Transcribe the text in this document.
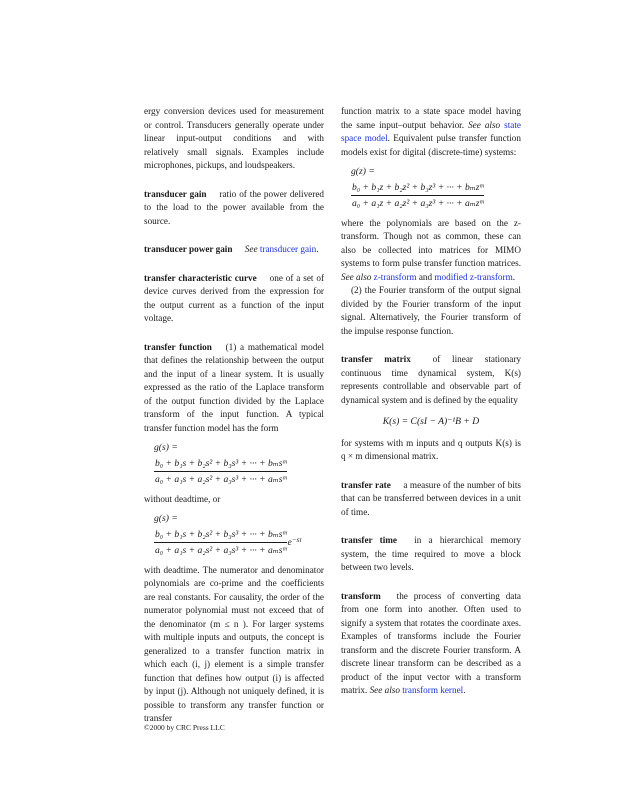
ergy conversion devices used for measurement or control. Transducers generally operate under linear input-output conditions and with relatively small signals. Examples include microphones, pickups, and loudspeakers.

transducer gain ratio of the power delivered to the load to the power available from the source.

transducer power gain See transducer gain.

transfer characteristic curve one of a set of device curves derived from the expression for the output current as a function of the input voltage.

transfer function (1) a mathematical model that defines the relationship between the output and the input of a linear system. It is usually expressed as the ratio of the Laplace transform of the output function divided by the Laplace transform of the input function. A typical transfer function model has the form

g(s) =
$\frac{\text{b₀ + b₁s + b₂s² + b₃s³ + ··· + bₘsᵐ}}{\text{a₀ + a₁s + a₂s² + a₃s³ + ··· + aₘsᵐ}}$

without deadtime, or

g(s) =
$\frac{\text{b₀ + b₁s + b₂s² + b₃s³ + ··· + bₘsᵐ}}{\text{a₀ + a₁s + a₂s² + a₃s³ + ··· + aₘsᵐ}} e^{-s\tau}$

with deadtime. The numerator and denominator polynomials are co-prime and the coefficients are real constants. For causality, the order of the numerator polynomial must not exceed that of the denominator (m ≤ n ). For larger systems with multiple inputs and outputs, the concept is generalized to a transfer function matrix in which each (i, j) element is a simple transfer function that defines how output (i) is affected by input (j). Although not uniquely defined, it is possible to transform any transfer function or transfer

function matrix to a state space model having the same input–output behavior. See also state space model. Equivalent pulse transfer function models exist for digital (discrete-time) systems:

g(z) =
$\frac{\text{b₀ + b₁z + b₂z² + b₃z³ + ··· + bₘzᵐ}}{\text{a₀ + a₁z + a₂z² + a₃z³ + ··· + aₘzᵐ}}$

where the polynomials are based on the z-transform. Though not as common, these can also be collected into matrices for MIMO systems to form pulse transfer function matrices. See also z-transform and modified z-transform.

(2) the Fourier transform of the output signal divided by the Fourier transform of the input signal. Alternatively, the Fourier transform of the impulse response function.

transfer matrix of linear stationary continuous time dynamical system, K(s) represents controllable and observable part of dynamical system and is defined by the equality

K(s) = C(sI − A)⁻¹B + D

for systems with m inputs and q outputs K(s) is q × m dimensional matrix.

transfer rate a measure of the number of bits that can be transferred between devices in a unit of time.

transfer time in a hierarchical memory system, the time required to move a block between two levels.

transform the process of converting data from one form into another. Often used to signify a system that rotates the coordinate axes. Examples of transforms include the Fourier transform and the discrete Fourier transform. A discrete linear transform can be described as a product of the input vector with a transform matrix. See also transform kernel.

©2000 by CRC Press LLC
